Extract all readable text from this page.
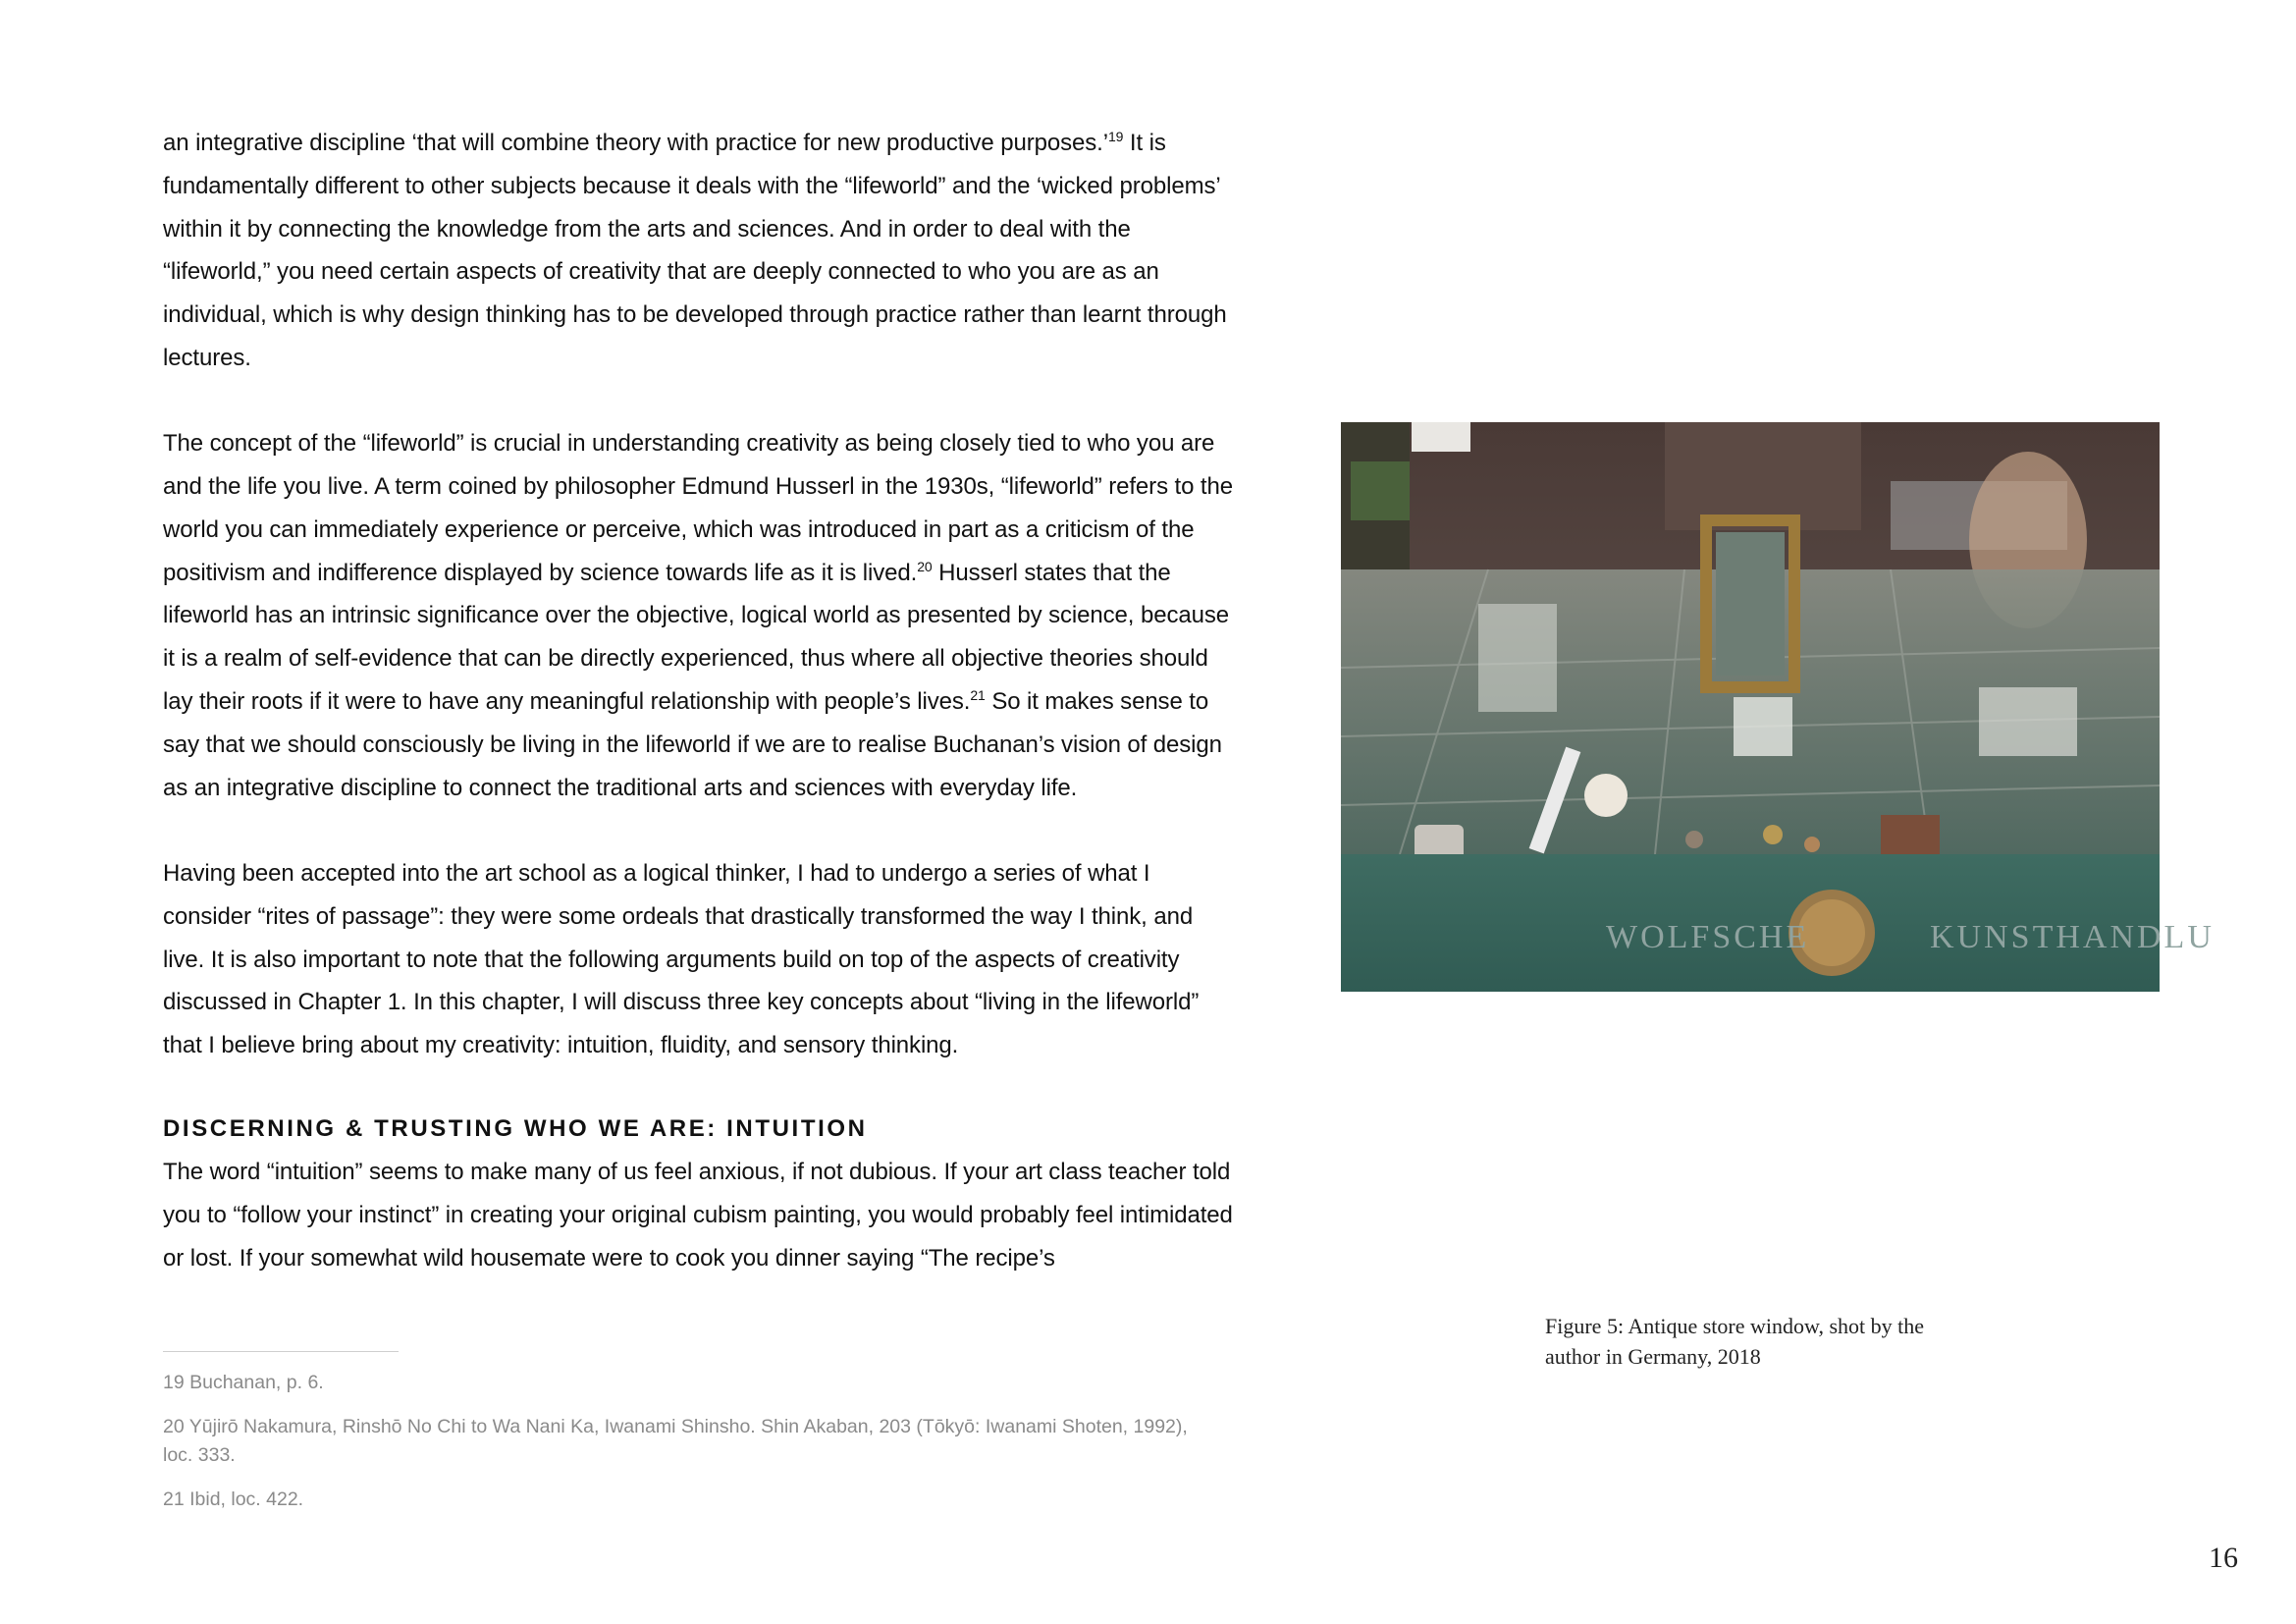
an integrative discipline ‘that will combine theory with practice for new productive purposes.’$^{19}$ It is fundamentally different to other subjects because it deals with the “lifeworld” and the ‘wicked problems’ within it by connecting the knowledge from the arts and sciences. And in order to deal with the “lifeworld,” you need certain aspects of creativity that are deeply connected to who you are as an individual, which is why design thinking has to be developed through practice rather than learnt through lectures.

The concept of the “lifeworld” is crucial in understanding creativity as being closely tied to who you are and the life you live. A term coined by philosopher Edmund Husserl in the 1930s, “lifeworld” refers to the world you can immediately experience or perceive, which was introduced in part as a criticism of the positivism and indifference displayed by science towards life as it is lived.$^{20}$ Husserl states that the lifeworld has an intrinsic significance over the objective, logical world as presented by science, because it is a realm of self-evidence that can be directly experienced, thus where all objective theories should lay their roots if it were to have any meaningful relationship with people’s lives.$^{21}$ So it makes sense to say that we should consciously be living in the lifeworld if we are to realise Buchanan’s vision of design as an integrative discipline to connect the traditional arts and sciences with everyday life.

Having been accepted into the art school as a logical thinker, I had to undergo a series of what I consider “rites of passage”: they were some ordeals that drastically transformed the way I think, and live. It is also important to note that the following arguments build on top of the aspects of creativity discussed in Chapter 1. In this chapter, I will discuss three key concepts about “living in the lifeworld” that I believe bring about my creativity: intuition, fluidity, and sensory thinking.

DISCERNING & TRUSTING WHO WE ARE: INTUITION

The word “intuition” seems to make many of us feel anxious, if not dubious. If your art class teacher told you to “follow your instinct” in creating your original cubism painting, you would probably feel intimidated or lost. If your somewhat wild housemate were to cook you dinner saying “The recipe’s

19 Buchanan, p. 6.

20 Yūjirō Nakamura, Rinshō No Chi to Wa Nani Ka, Iwanami Shinsho. Shin Akaban, 203 (Tōkyō: Iwanami Shoten, 1992), loc. 333.

21 Ibid, loc. 422.

WOLFSCHE	KUNSTHANDLU
Figure 5: Antique store window, shot by the author in Germany, 2018
16
